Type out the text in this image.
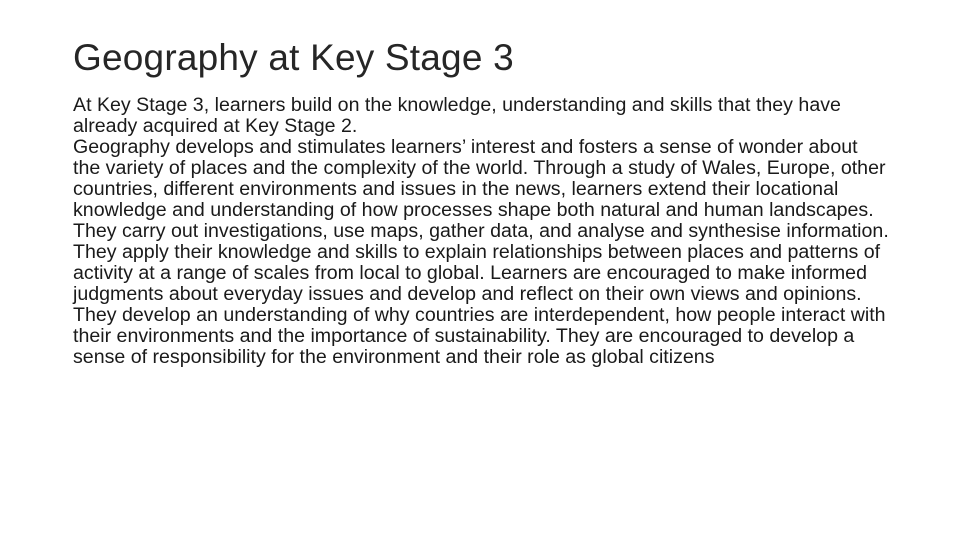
Geography at Key Stage 3

At Key Stage 3, learners build on the knowledge, understanding and skills that they have already acquired at Key Stage 2.

Geography develops and stimulates learners’ interest and fosters a sense of wonder about the variety of places and the complexity of the world. Through a study of Wales, Europe, other countries, different environments and issues in the news, learners extend their locational knowledge and understanding of how processes shape both natural and human landscapes.

They carry out investigations, use maps, gather data, and analyse and synthesise information. They apply their knowledge and skills to explain relationships between places and patterns of activity at a range of scales from local to global. Learners are encouraged to make informed judgments about everyday issues and develop and reflect on their own views and opinions.

They develop an understanding of why countries are interdependent, how people interact with their environments and the importance of sustainability. They are encouraged to develop a sense of responsibility for the environment and their role as global citizens
